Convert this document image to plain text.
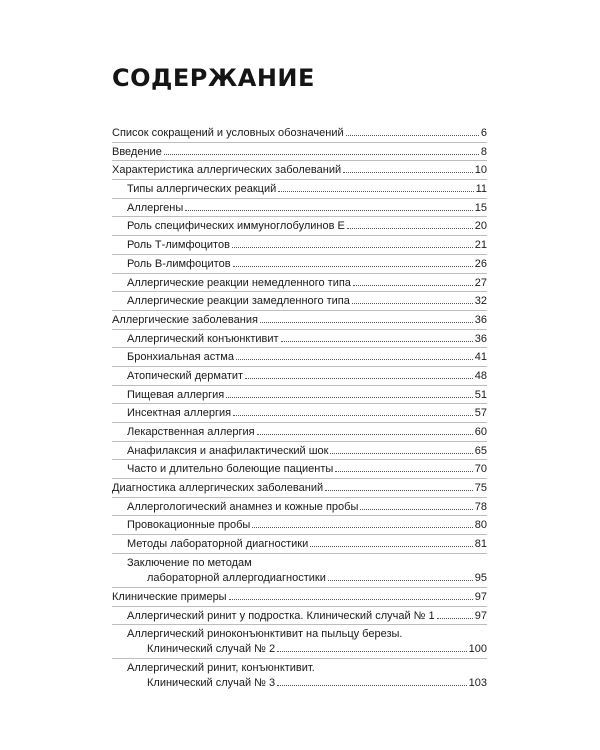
СОДЕРЖАНИЕ
Список сокращений и условных обозначений	6
Введение	8
Характеристика аллергических заболеваний	10
Типы аллергических реакций	11
Аллергены	15
Роль специфических иммуноглобулинов Е	20
Роль Т-лимфоцитов	21
Роль В-лимфоцитов	26
Аллергические реакции немедленного типа	27
Аллергические реакции замедленного типа	32
Аллергические заболевания	36
Аллергический конъюнктивит	36
Бронхиальная астма	41
Атопический дерматит	48
Пищевая аллергия	51
Инсектная аллергия	57
Лекарственная аллергия	60
Анафилаксия и анафилактический шок	65
Часто и длительно болеющие пациенты	70
Диагностика аллергических заболеваний	75
Аллергологический анамнез и кожные пробы	78
Провокационные пробы	80
Методы лабораторной диагностики	81
Заключение по методам
лабораторной аллергодиагностики	95
Клинические примеры	97
Аллергический ринит у подростка. Клинический случай № 1	97
Аллергический риноконъюнктивит на пыльцу березы.
Клинический случай № 2	100
Аллергический ринит, конъюнктивит.
Клинический случай № 3	103
